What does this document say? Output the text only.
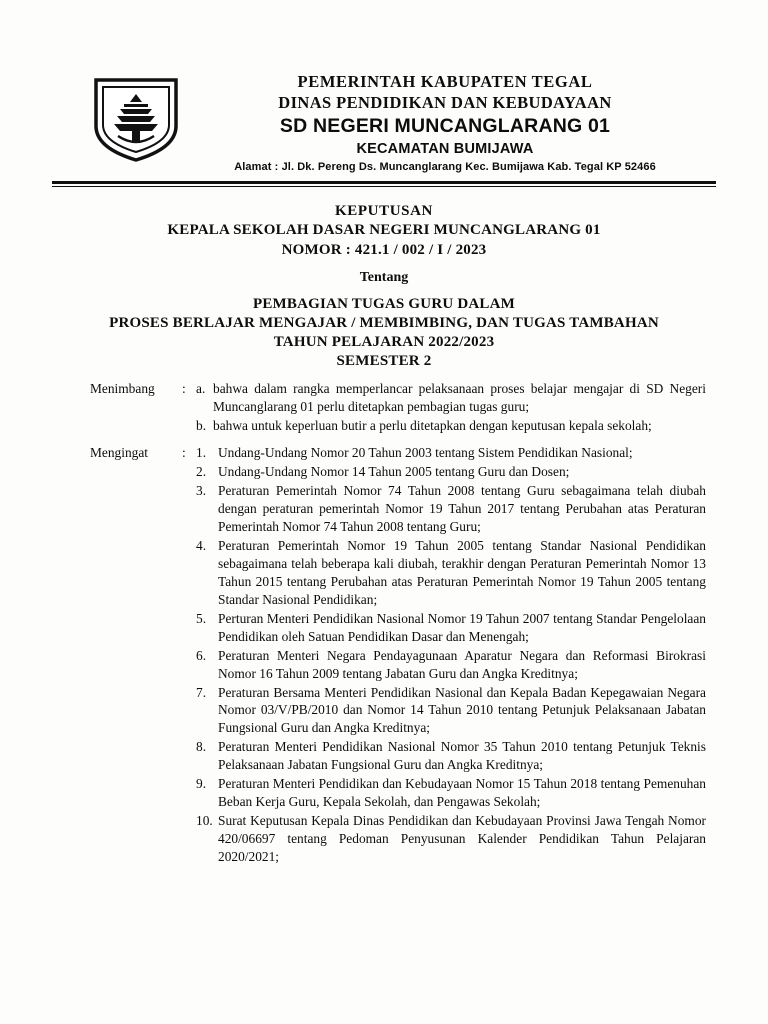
PEMERINTAH KABUPATEN TEGAL
DINAS PENDIDIKAN DAN KEBUDAYAAN
SD NEGERI MUNCANGLARANG 01
KECAMATAN BUMIJAWA
Alamat : Jl. Dk. Pereng Ds. Muncanglarang Kec. Bumijawa Kab. Tegal KP 52466
KEPUTUSAN
KEPALA SEKOLAH DASAR NEGERI MUNCANGLARANG 01
NOMOR : 421.1 / 002 / I / 2023
Tentang
PEMBAGIAN TUGAS GURU DALAM
PROSES BERLAJAR MENGAJAR / MEMBIMBING, DAN TUGAS TAMBAHAN
TAHUN PELAJARAN 2022/2023
SEMESTER 2
Menimbang	: a. bahwa dalam rangka memperlancar pelaksanaan proses belajar mengajar di SD Negeri Muncanglarang 01 perlu ditetapkan pembagian tugas guru;
b. bahwa untuk keperluan butir a perlu ditetapkan dengan keputusan kepala sekolah;
Mengingat	: 1. Undang-Undang Nomor 20 Tahun 2003 tentang Sistem Pendidikan Nasional;
2. Undang-Undang Nomor 14 Tahun 2005 tentang Guru dan Dosen;
3. Peraturan Pemerintah Nomor 74 Tahun 2008 tentang Guru sebagaimana telah diubah dengan peraturan pemerintah Nomor 19 Tahun 2017 tentang Perubahan atas Peraturan Pemerintah Nomor 74 Tahun 2008 tentang Guru;
4. Peraturan Pemerintah Nomor 19 Tahun 2005 tentang Standar Nasional Pendidikan sebagaimana telah beberapa kali diubah, terakhir dengan Peraturan Pemerintah Nomor 13 Tahun 2015 tentang Perubahan atas Peraturan Pemerintah Nomor 19 Tahun 2005 tentang Standar Nasional Pendidikan;
5. Perturan Menteri Pendidikan Nasional Nomor 19 Tahun 2007 tentang Standar Pengelolaan Pendidikan oleh Satuan Pendidikan Dasar dan Menengah;
6. Peraturan Menteri Negara Pendayagunaan Aparatur Negara dan Reformasi Birokrasi Nomor 16 Tahun 2009 tentang Jabatan Guru dan Angka Kreditnya;
7. Peraturan Bersama Menteri Pendidikan Nasional dan Kepala Badan Kepegawaian Negara Nomor 03/V/PB/2010 dan Nomor 14 Tahun 2010 tentang Petunjuk Pelaksanaan Jabatan Fungsional Guru dan Angka Kreditnya;
8. Peraturan Menteri Pendidikan Nasional Nomor 35 Tahun 2010 tentang Petunjuk Teknis Pelaksanaan Jabatan Fungsional Guru dan Angka Kreditnya;
9. Peraturan Menteri Pendidikan dan Kebudayaan Nomor 15 Tahun 2018 tentang Pemenuhan Beban Kerja Guru, Kepala Sekolah, dan Pengawas Sekolah;
10. Surat Keputusan Kepala Dinas Pendidikan dan Kebudayaan Provinsi Jawa Tengah Nomor 420/06697 tentang Pedoman Penyusunan Kalender Pendidikan Tahun Pelajaran 2020/2021;
